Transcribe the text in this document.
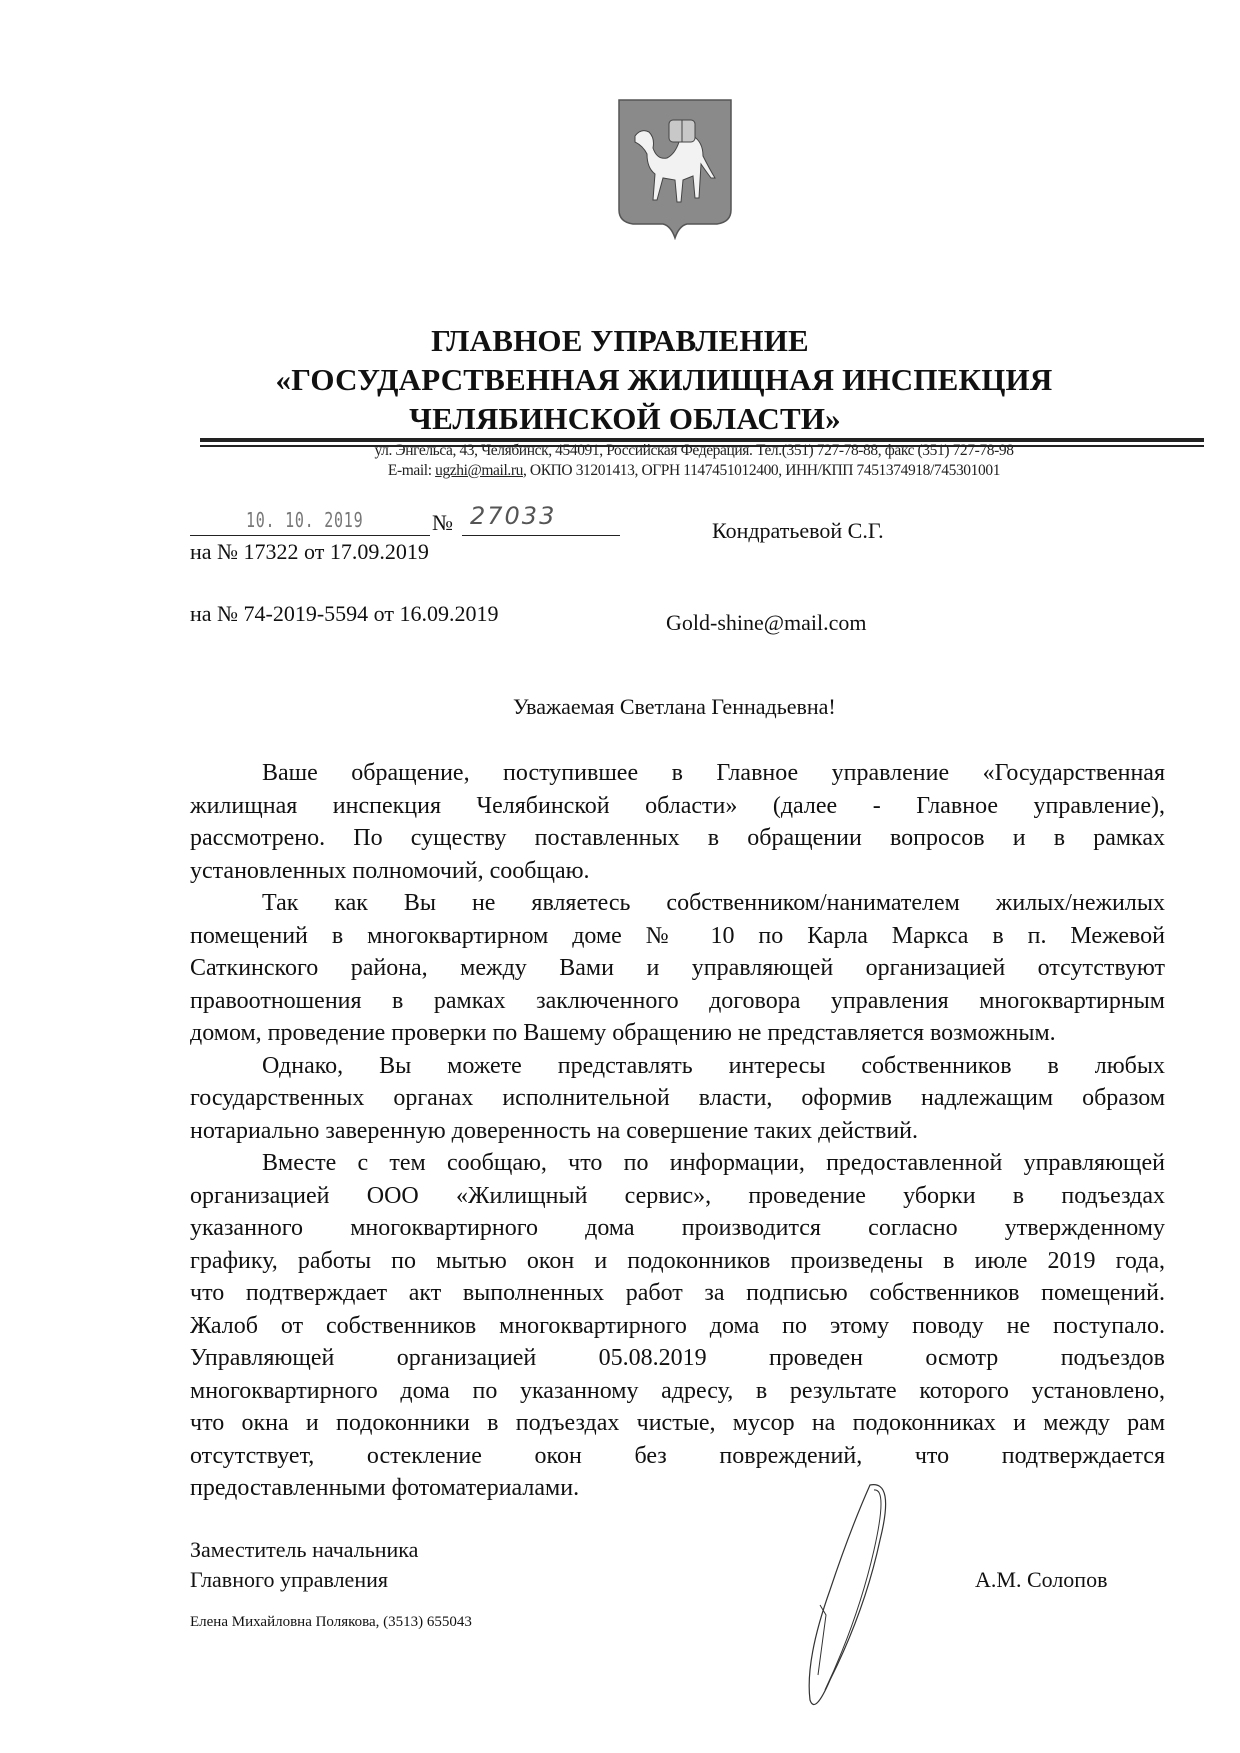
ГЛАВНОЕ УПРАВЛЕНИЕ
«ГОСУДАРСТВЕННАЯ ЖИЛИЩНАЯ ИНСПЕКЦИЯ
ЧЕЛЯБИНСКОЙ ОБЛАСТИ»
ул. Энгельса, 43, Челябинск, 454091, Российская Федерация. Тел.(351) 727-78-88, факс (351) 727-78-98
E-mail: ugzhi@mail.ru, ОКПО 31201413, ОГРН 1147451012400, ИНН/КПП 7451374918/745301001
10. 10. 2019	№ 27033
на № 17322 от 17.09.2019
на № 74-2019-5594 от 16.09.2019
Кондратьевой С.Г.
Gold-shine@mail.com
Уважаемая Светлана Геннадьевна!
Ваше обращение, поступившее в Главное управление «Государственная
жилищная инспекция Челябинской области» (далее - Главное управление),
рассмотрено. По существу поставленных в обращении вопросов и в рамках
установленных полномочий, сообщаю.
Так как Вы не являетесь собственником/нанимателем жилых/нежилых
помещений в многоквартирном доме № 10 по Карла Маркса в п. Межевой
Саткинского района, между Вами и управляющей организацией отсутствуют
правоотношения в рамках заключенного договора управления многоквартирным
домом, проведение проверки по Вашему обращению не представляется возможным.
Однако, Вы можете представлять интересы собственников в любых
государственных органах исполнительной власти, оформив надлежащим образом
нотариально заверенную доверенность на совершение таких действий.
Вместе с тем сообщаю, что по информации, предоставленной управляющей
организацией ООО «Жилищный сервис», проведение уборки в подъездах
указанного многоквартирного дома производится согласно утвержденному
графику, работы по мытью окон и подоконников произведены в июле 2019 года,
что подтверждает акт выполненных работ за подписью собственников помещений.
Жалоб от собственников многоквартирного дома по этому поводу не поступало.
Управляющей организацией 05.08.2019 проведен осмотр подъездов
многоквартирного дома по указанному адресу, в результате которого установлено,
что окна и подоконники в подъездах чистые, мусор на подоконниках и между рам
отсутствует, остекление окон без повреждений, что подтверждается
предоставленными фотоматериалами.
Заместитель начальника
Главного управления	А.М. Солопов
Елена Михайловна Полякова, (3513) 655043
